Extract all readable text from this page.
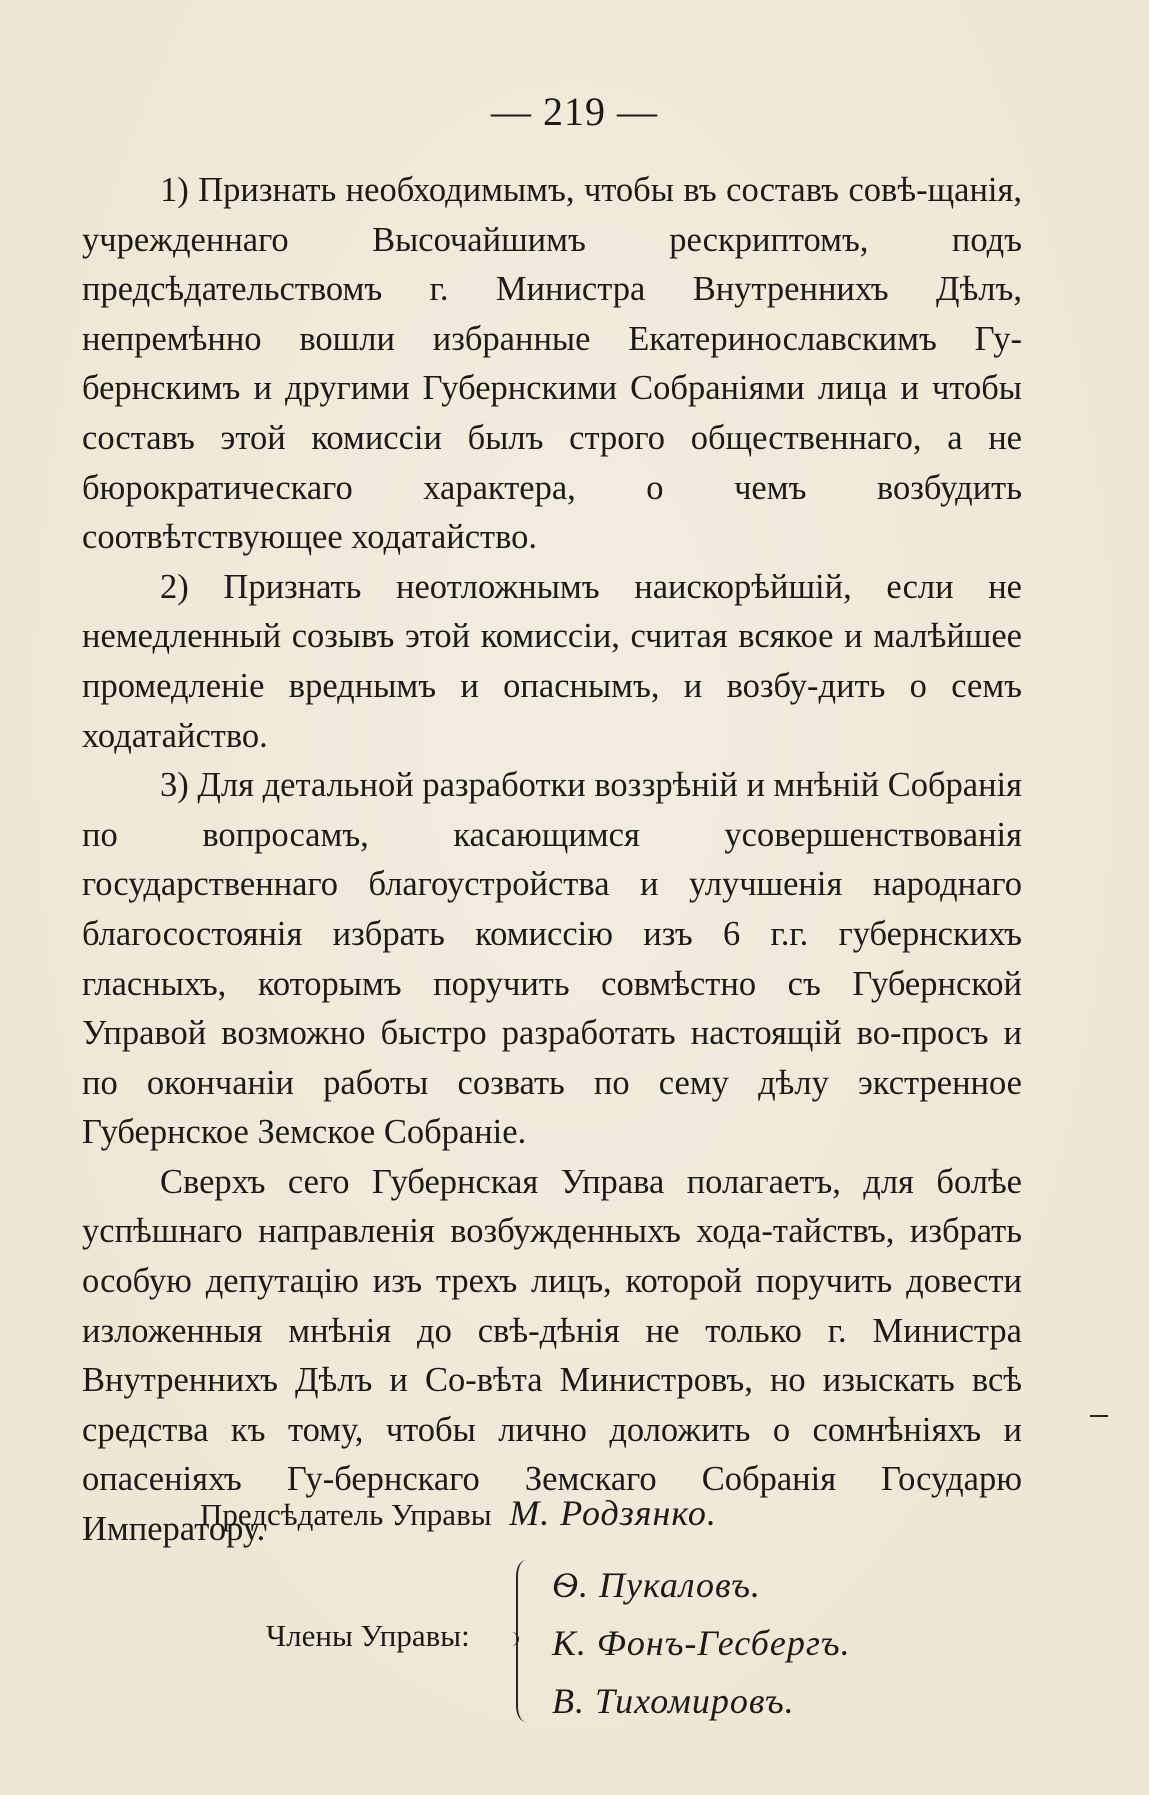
— 219 —

1) Признать необходимымъ, чтобы въ составъ совѣ-щанія, учрежденнаго Высочайшимъ рескриптомъ, подъ предсѣдательствомъ г. Министра Внутреннихъ Дѣлъ, непремѣнно вошли избранные Екатеринославскимъ Гу-бернскимъ и другими Губернскими Собраніями лица и чтобы составъ этой комиссіи былъ строго общественнаго, а не бюрократическаго характера, о чемъ возбудить соотвѣтствующее ходатайство.

2) Признать неотложнымъ наискорѣйшій, если не немедленный созывъ этой комиссіи, считая всякое и малѣйшее промедленіе вреднымъ и опаснымъ, и возбу-дить о семъ ходатайство.

3) Для детальной разработки воззрѣній и мнѣній Собранія по вопросамъ, касающимся усовершенствованія государственнаго благоустройства и улучшенія народнаго благосостоянія избрать комиссію изъ 6 г.г. губернскихъ гласныхъ, которымъ поручить совмѣстно съ Губернской Управой возможно быстро разработать настоящій во-просъ и по окончаніи работы созвать по сему дѣлу экстренное Губернское Земское Собраніе.

Сверхъ сего Губернская Управа полагаетъ, для болѣе успѣшнаго направленія возбужденныхъ хода-тайствъ, избрать особую депутацію изъ трехъ лицъ, которой поручить довести изложенныя мнѣнія до свѣ-дѣнія не только г. Министра Внутреннихъ Дѣлъ и Со-вѣта Министровъ, но изыскать всѣ средства къ тому, чтобы лично доложить о сомнѣніяхъ и опасеніяхъ Гу-бернскаго Земскаго Собранія Государю Императору.

Предсѣдатель Управы М. Родзянко.
Члены Управы:
Ѳ. Пукаловъ.
К. Фонъ-Гесбергъ.
В. Тихомировъ.
